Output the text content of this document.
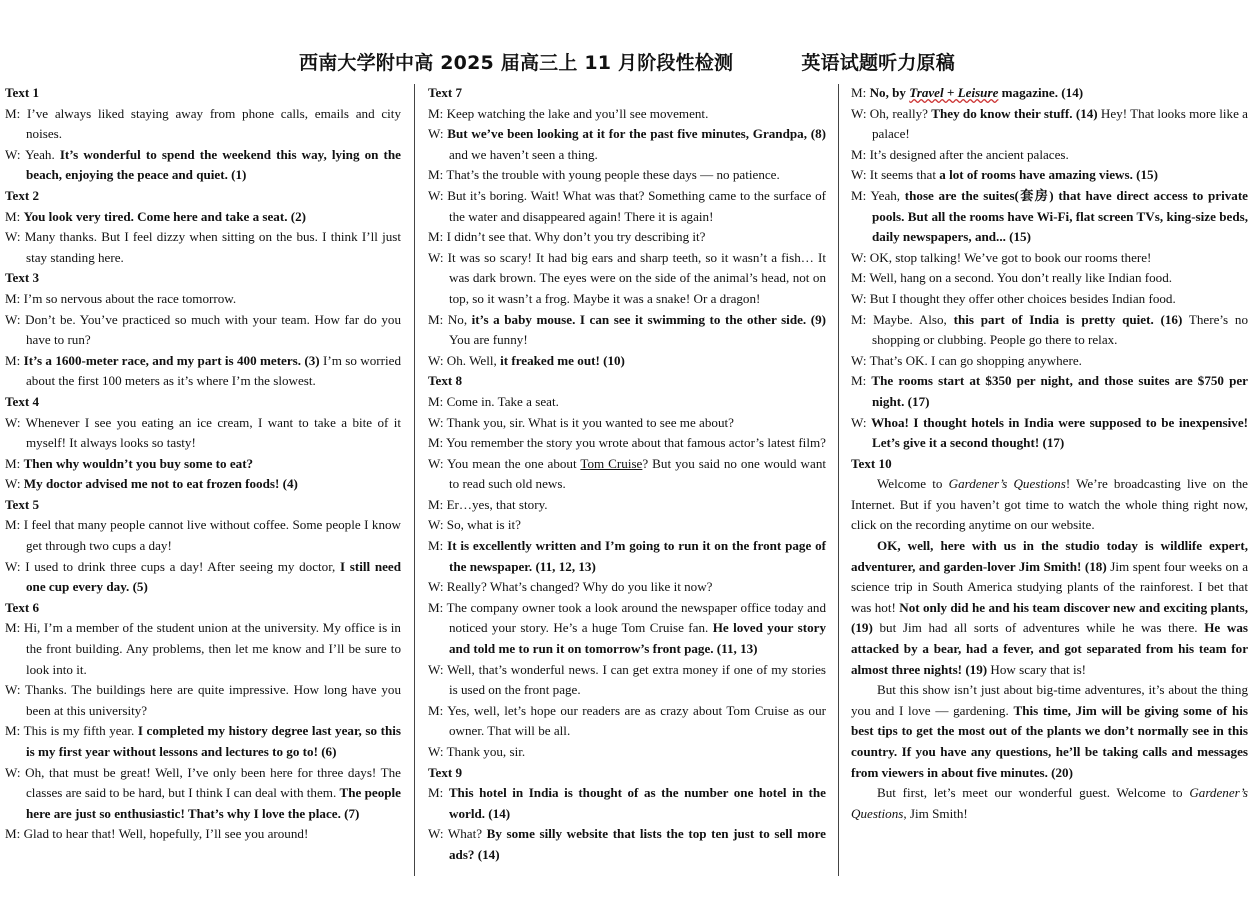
西南大学附中高 2025 届高三上 11 月阶段性检测          英语试题听力原稿
Text 1
M: I’ve always liked staying away from phone calls, emails and city noises.
W: Yeah. It’s wonderful to spend the weekend this way, lying on the beach, enjoying the peace and quiet. (1)
Text 2
M: You look very tired. Come here and take a seat. (2)
W: Many thanks. But I feel dizzy when sitting on the bus. I think I’ll just stay standing here.
Text 3
M: I’m so nervous about the race tomorrow.
W: Don’t be. You’ve practiced so much with your team. How far do you have to run?
M: It’s a 1600-meter race, and my part is 400 meters. (3) I’m so worried about the first 100 meters as it’s where I’m the slowest.
Text 4
W: Whenever I see you eating an ice cream, I want to take a bite of it myself! It always looks so tasty!
M: Then why wouldn’t you buy some to eat?
W: My doctor advised me not to eat frozen foods! (4)
Text 5
M: I feel that many people cannot live without coffee. Some people I know get through two cups a day!
W: I used to drink three cups a day! After seeing my doctor, I still need one cup every day. (5)
Text 6
M: Hi, I’m a member of the student union at the university. My office is in the front building. Any problems, then let me know and I’ll be sure to look into it.
W: Thanks. The buildings here are quite impressive. How long have you been at this university?
M: This is my fifth year. I completed my history degree last year, so this is my first year without lessons and lectures to go to! (6)
W: Oh, that must be great! Well, I’ve only been here for three days! The classes are said to be hard, but I think I can deal with them. The people here are just so enthusiastic! That’s why I love the place. (7)
M: Glad to hear that! Well, hopefully, I’ll see you around!
Text 7
M: Keep watching the lake and you’ll see movement.
W: But we’ve been looking at it for the past five minutes, Grandpa, (8) and we haven’t seen a thing.
M: That’s the trouble with young people these days — no patience.
W: But it’s boring. Wait! What was that? Something came to the surface of the water and disappeared again! There it is again!
M: I didn’t see that. Why don’t you try describing it?
W: It was so scary! It had big ears and sharp teeth, so it wasn’t a fish… It was dark brown. The eyes were on the side of the animal’s head, not on top, so it wasn’t a frog. Maybe it was a snake! Or a dragon!
M: No, it’s a baby mouse. I can see it swimming to the other side. (9) You are funny!
W: Oh. Well, it freaked me out! (10)
Text 8
M: Come in. Take a seat.
W: Thank you, sir. What is it you wanted to see me about?
M: You remember the story you wrote about that famous actor’s latest film?
W: You mean the one about Tom Cruise? But you said no one would want to read such old news.
M: Er…yes, that story.
W: So, what is it?
M: It is excellently written and I’m going to run it on the front page of the newspaper. (11, 12, 13)
W: Really? What’s changed? Why do you like it now?
M: The company owner took a look around the newspaper office today and noticed your story. He’s a huge Tom Cruise fan. He loved your story and told me to run it on tomorrow’s front page. (11, 13)
W: Well, that’s wonderful news. I can get extra money if one of my stories is used on the front page.
M: Yes, well, let’s hope our readers are as crazy about Tom Cruise as our owner. That will be all.
W: Thank you, sir.
Text 9
M: This hotel in India is thought of as the number one hotel in the world. (14)
W: What? By some silly website that lists the top ten just to sell more ads? (14)
M: No, by Travel + Leisure magazine. (14)
W: Oh, really? They do know their stuff. (14) Hey! That looks more like a palace!
M: It’s designed after the ancient palaces.
W: It seems that a lot of rooms have amazing views. (15)
M: Yeah, those are the suites(套房) that have direct access to private pools. But all the rooms have Wi-Fi, flat screen TVs, king-size beds, daily newspapers, and... (15)
W: OK, stop talking! We’ve got to book our rooms there!
M: Well, hang on a second. You don’t really like Indian food.
W: But I thought they offer other choices besides Indian food.
M: Maybe. Also, this part of India is pretty quiet. (16) There’s no shopping or clubbing. People go there to relax.
W: That’s OK. I can go shopping anywhere.
M: The rooms start at $350 per night, and those suites are $750 per night. (17)
W: Whoa! I thought hotels in India were supposed to be inexpensive! Let’s give it a second thought! (17)
Text 10
Welcome to Gardener’s Questions! We’re broadcasting live on the Internet. But if you haven’t got time to watch the whole thing right now, click on the recording anytime on our website.
OK, well, here with us in the studio today is wildlife expert, adventurer, and garden-lover Jim Smith! (18) Jim spent four weeks on a science trip in South America studying plants of the rainforest. I bet that was hot! Not only did he and his team discover new and exciting plants, (19) but Jim had all sorts of adventures while he was there. He was attacked by a bear, had a fever, and got separated from his team for almost three nights! (19) How scary that is!
But this show isn’t just about big-time adventures, it’s about the thing you and I love — gardening. This time, Jim will be giving some of his best tips to get the most out of the plants we don’t normally see in this country. If you have any questions, he’ll be taking calls and messages from viewers in about five minutes. (20)
But first, let’s meet our wonderful guest. Welcome to Gardener’s Questions, Jim Smith!
